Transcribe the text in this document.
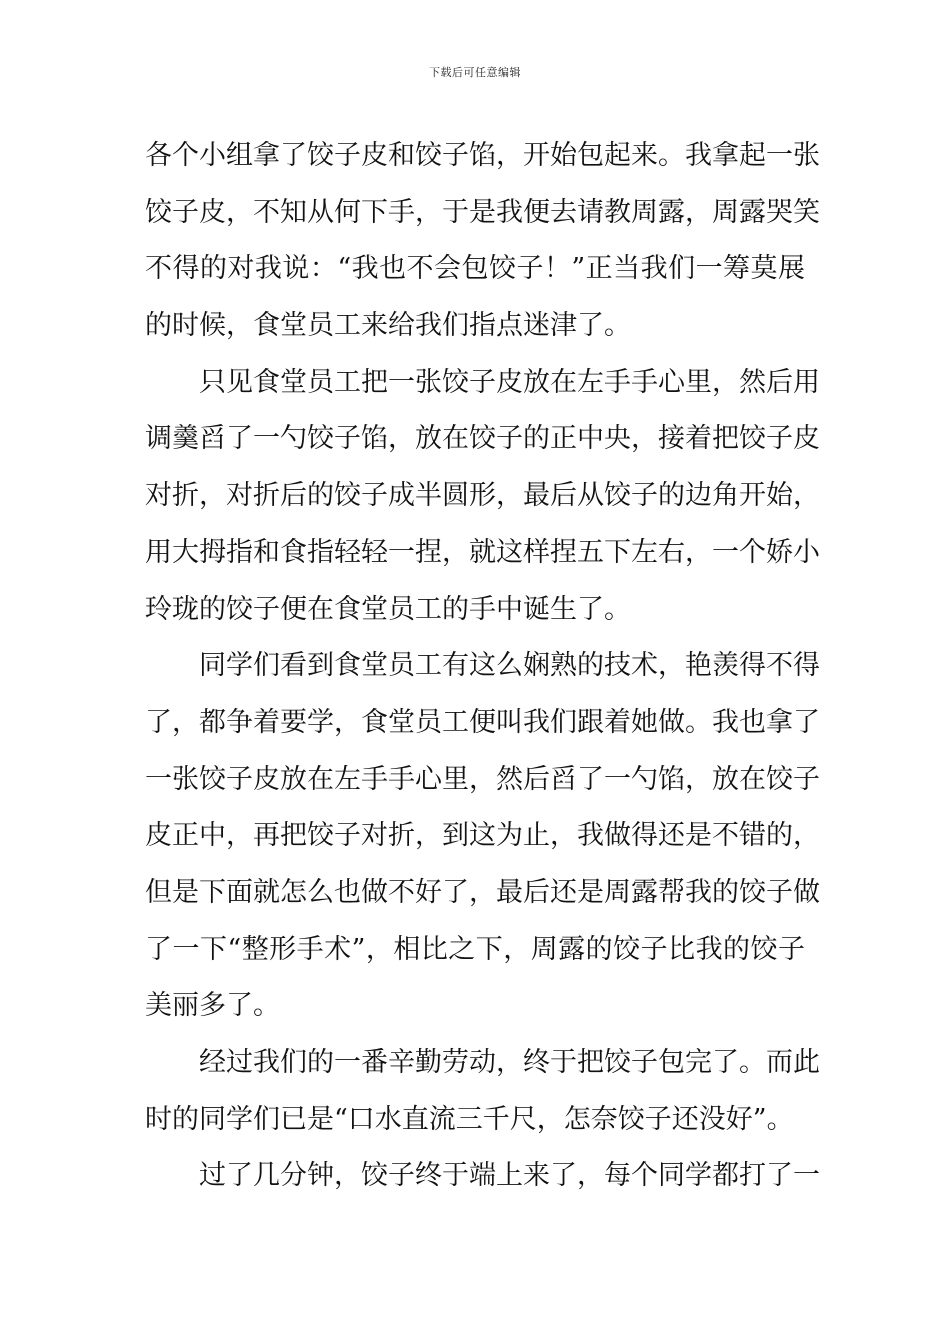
下载后可任意编辑
各个小组拿了饺子皮和饺子馅，开始包起来。我拿起一张
饺子皮，不知从何下手，于是我便去请教周露，周露哭笑
不得的对我说：“我也不会包饺子！”正当我们一筹莫展
的时候，食堂员工来给我们指点迷津了。
只见食堂员工把一张饺子皮放在左手手心里，然后用
调羹舀了一勺饺子馅，放在饺子的正中央，接着把饺子皮
对折，对折后的饺子成半圆形，最后从饺子的边角开始，
用大拇指和食指轻轻一捏，就这样捏五下左右，一个娇小
玲珑的饺子便在食堂员工的手中诞生了。
同学们看到食堂员工有这么娴熟的技术，艳羡得不得
了，都争着要学，食堂员工便叫我们跟着她做。我也拿了
一张饺子皮放在左手手心里，然后舀了一勺馅，放在饺子
皮正中，再把饺子对折，到这为止，我做得还是不错的，
但是下面就怎么也做不好了，最后还是周露帮我的饺子做
了一下“整形手术”，相比之下，周露的饺子比我的饺子
美丽多了。
经过我们的一番辛勤劳动，终于把饺子包完了。而此
时的同学们已是“口水直流三千尺，怎奈饺子还没好”。
过了几分钟，饺子终于端上来了，每个同学都打了一
